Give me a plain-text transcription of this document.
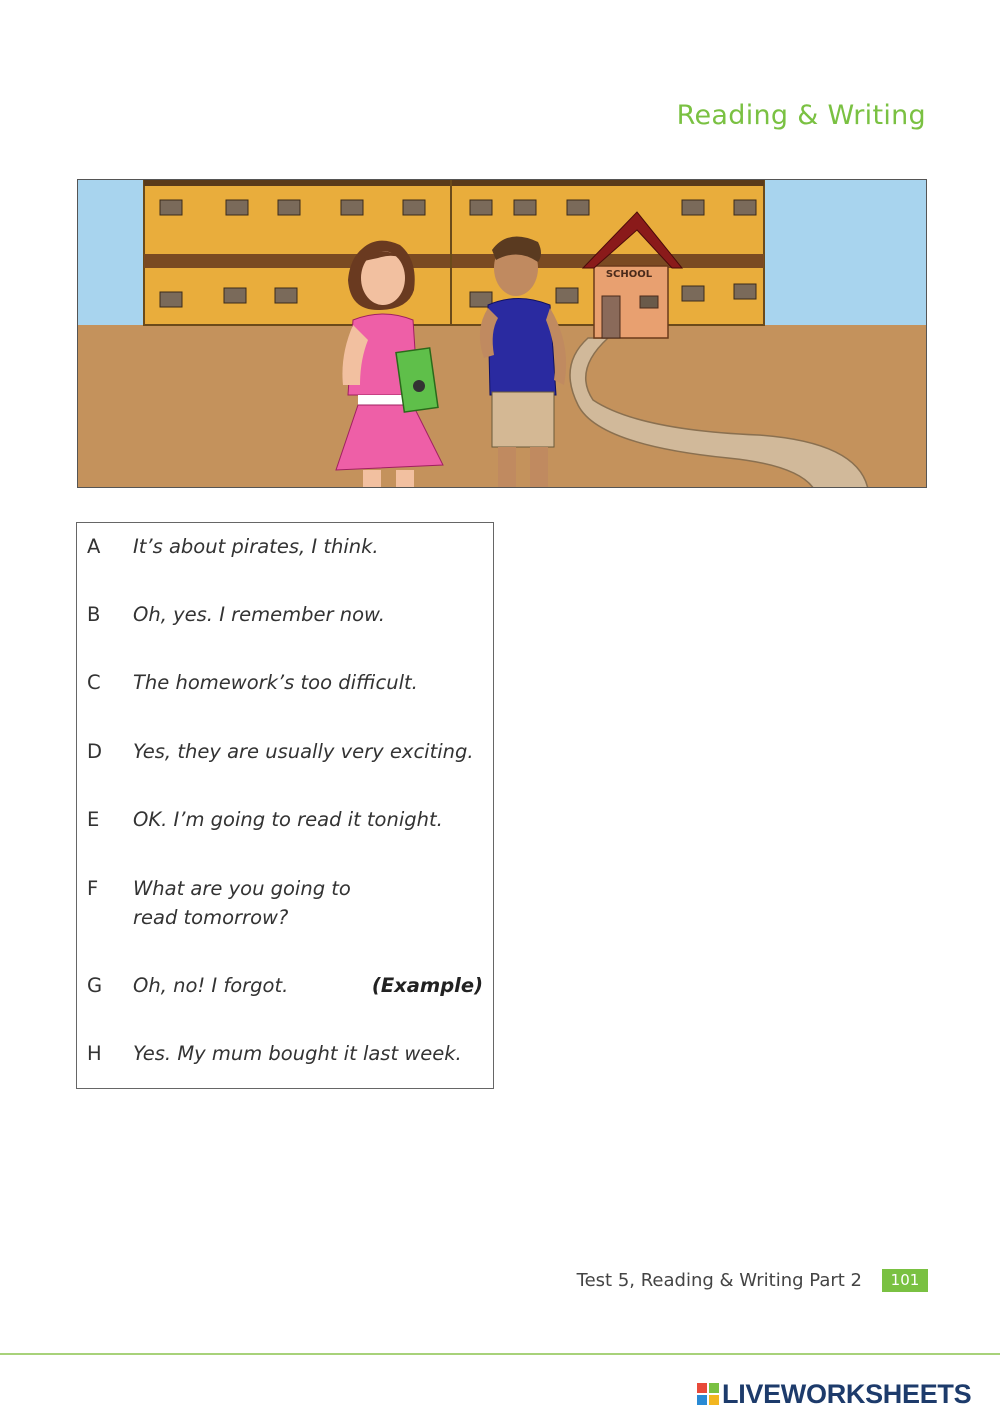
Reading & Writing
SCHOOL
A It’s about pirates, I think.
B Oh, yes. I remember now.
C The homework’s too difficult.
D Yes, they are usually very exciting.
E OK. I’m going to read it tonight.
F What are you going to
read tomorrow?
G Oh, no! I forgot.	(Example)
H Yes. My mum bought it last week.
Test 5, Reading & Writing Part 2	101
LIVEWORKSHEETS
